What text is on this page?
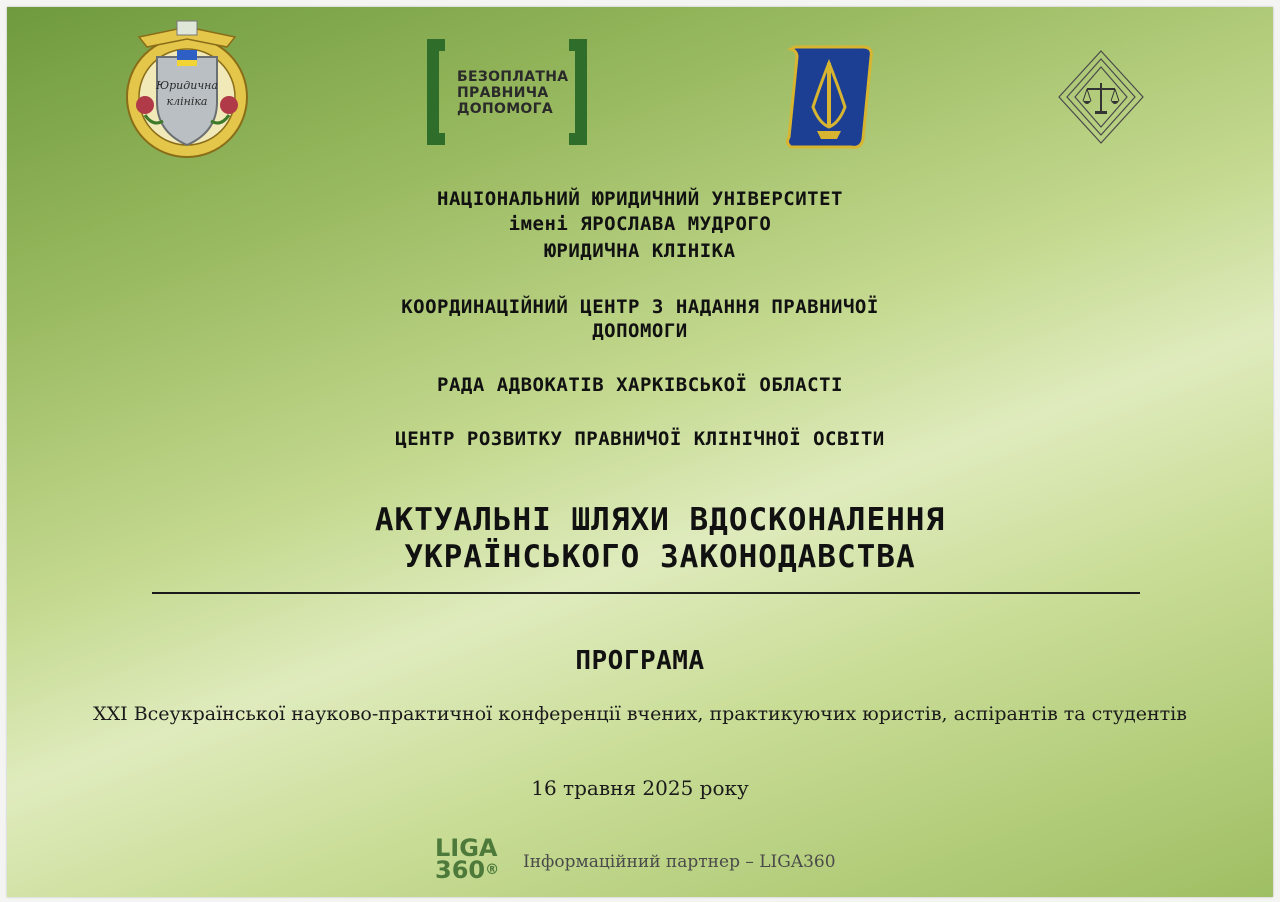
Юридична
клініка
БЕЗОПЛАТНА
ПРАВНИЧА
ДОПОМОГА

НАЦІОНАЛЬНИЙ ЮРИДИЧНИЙ УНІВЕРСИТЕТ

імені ЯРОСЛАВА МУДРОГО

ЮРИДИЧНА КЛІНІКА

КООРДИНАЦІЙНИЙ ЦЕНТР З НАДАННЯ ПРАВНИЧОЇ

ДОПОМОГИ

РАДА АДВОКАТІВ ХАРКІВСЬКОЇ ОБЛАСТІ

ЦЕНТР РОЗВИТКУ ПРАВНИЧОЇ КЛІНІЧНОЇ ОСВІТИ

АКТУАЛЬНІ ШЛЯХИ ВДОСКОНАЛЕННЯ

УКРАЇНСЬКОГО ЗАКОНОДАВСТВА

ПРОГРАМА

XXI Всеукраїнської науково-практичної конференції вчених, практикуючих юристів, аспірантів та студентів

16 травня 2025 року

LIGA
360® Інформаційний партнер – LIGA360
